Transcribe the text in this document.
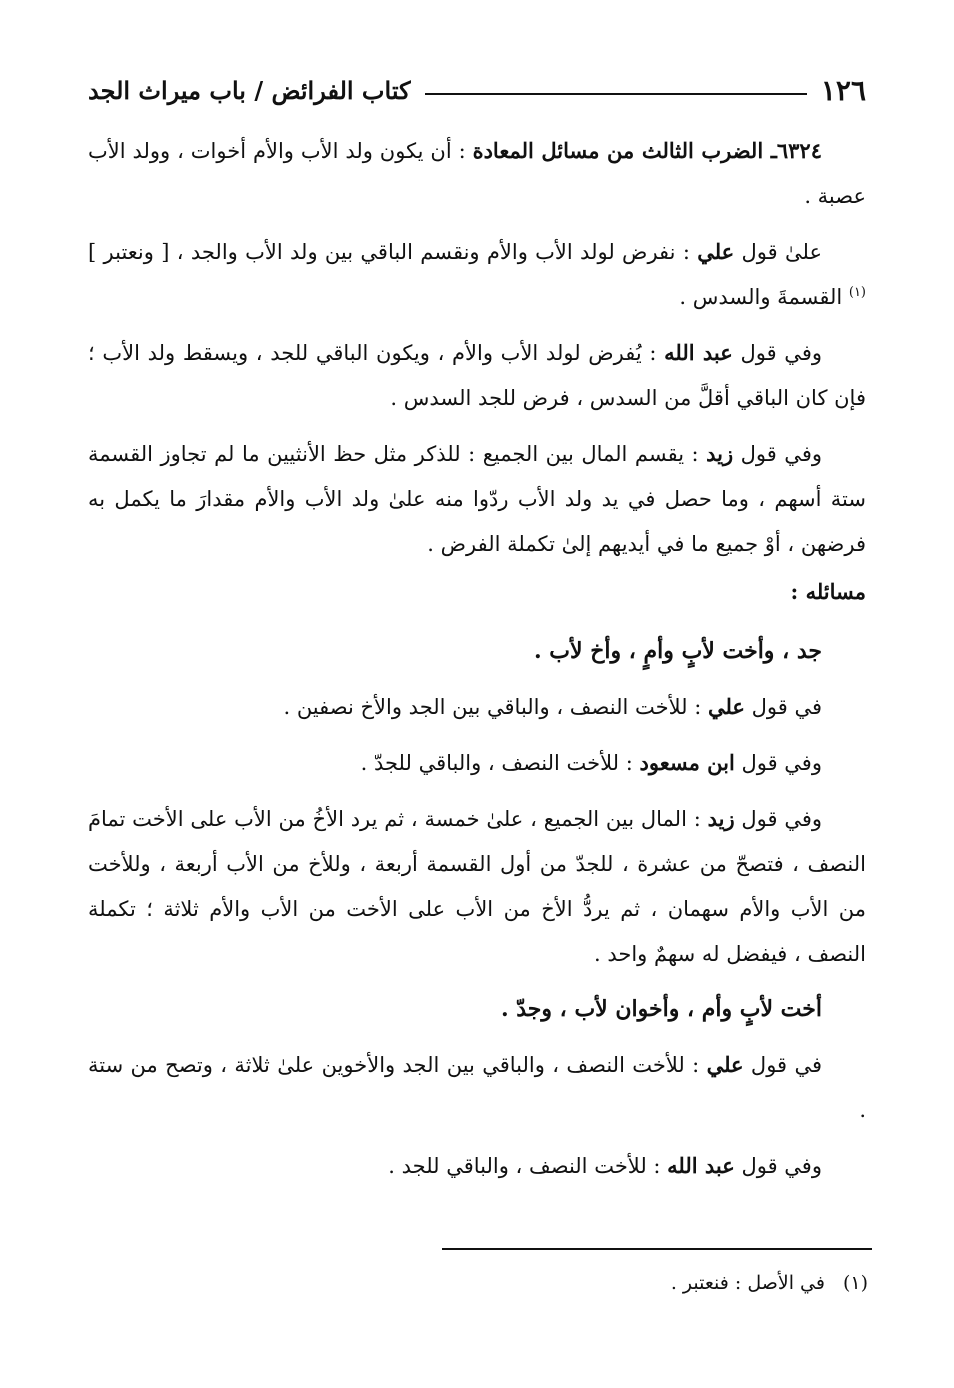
١٢٦
كتاب الفرائض / باب ميراث الجد

٦٣٢٤ـ الضرب الثالث من مسائل المعادة : أن يكون ولد الأب والأم أخوات ، وولد الأب عصبة .

علىٰ قول علي : نفرض لولد الأب والأم ونقسم الباقي بين ولد الأب والجد ، [ ونعتبر ]$^{(١)}$ القسمةَ والسدس .

وفي قول عبد الله : يُفرض لولد الأب والأم ، ويكون الباقي للجد ، ويسقط ولد الأب ؛ فإن كان الباقي أقلَّ من السدس ، فرض للجد السدس .

وفي قول زيد : يقسم المال بين الجميع : للذكر مثل حظ الأنثيين ما لم تجاوز القسمة ستة أسهم ، وما حصل في يد ولد الأب ردّوا منه علىٰ ولد الأب والأم مقدارَ ما يكمل به فرضهن ، أوْ جميع ما في أيديهم إلىٰ تكملة الفرض .

مسائله :

جد ، وأخت لأبٍ وأمٍ ، وأخ لأب .

في قول علي : للأخت النصف ، والباقي بين الجد والأخ نصفين .

وفي قول ابن مسعود : للأخت النصف ، والباقي للجدّ .

وفي قول زيد : المال بين الجميع ، علىٰ خمسة ، ثم يرد الأخُ من الأب على الأخت تمامَ النصف ، فتصحّ من عشرة ، للجدّ من أول القسمة أربعة ، وللأخ من الأب أربعة ، وللأخت من الأب والأم سهمان ، ثم يردُّ الأخ من الأب على الأخت من الأب والأم ثلاثة ؛ تكملة النصف ، فيفضل له سهمٌ واحد .

أخت لأبٍ وأم ، وأخوان لأب ، وجدّ .

في قول علي : للأخت النصف ، والباقي بين الجد والأخوين علىٰ ثلاثة ، وتصح من ستة .

وفي قول عبد الله : للأخت النصف ، والباقي للجد .

(١)في الأصل : فنعتبر .
